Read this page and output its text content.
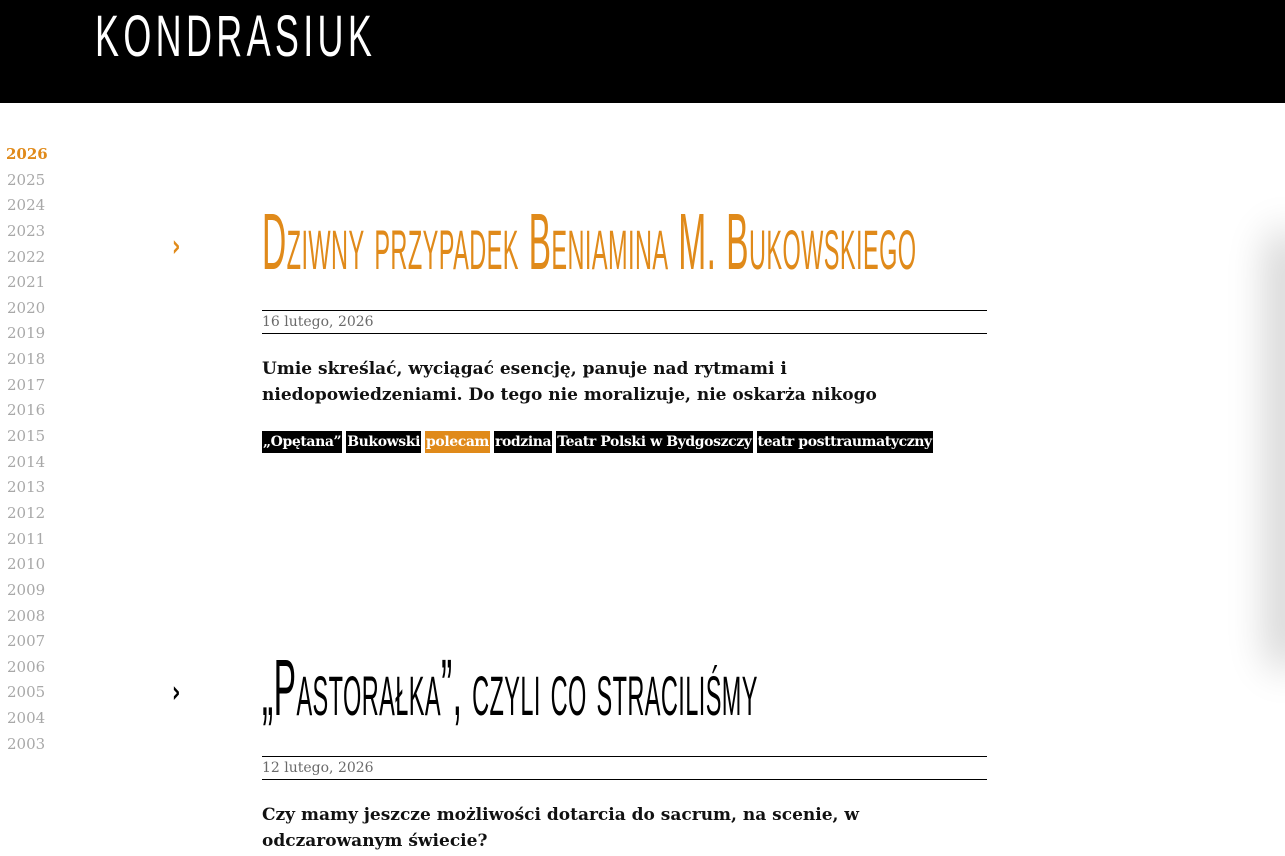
KONDRASIUK
2026
2025
2024
2023
2022
2021
2020
2019
2018
2017
2016
2015
2014
2013
2012
2011
2010
2009
2008
2007
2006
2005
2004
2003
› Dziwny przypadek Beniamina M. Bukowskiego
16 lutego, 2026

Umie skreślać, wyciągać esencję, panuje nad rytmami i niedopowiedzeniami. Do tego nie moralizuje, nie oskarża nikogo

„Opętana” Bukowski polecam rodzina Teatr Polski w Bydgoszczy teatr posttraumatyczny
› „Pastorałka”, czyli co straciliśmy
12 lutego, 2026

Czy mamy jeszcze możliwości dotarcia do sacrum, na scenie, w odczarowanym świecie?
